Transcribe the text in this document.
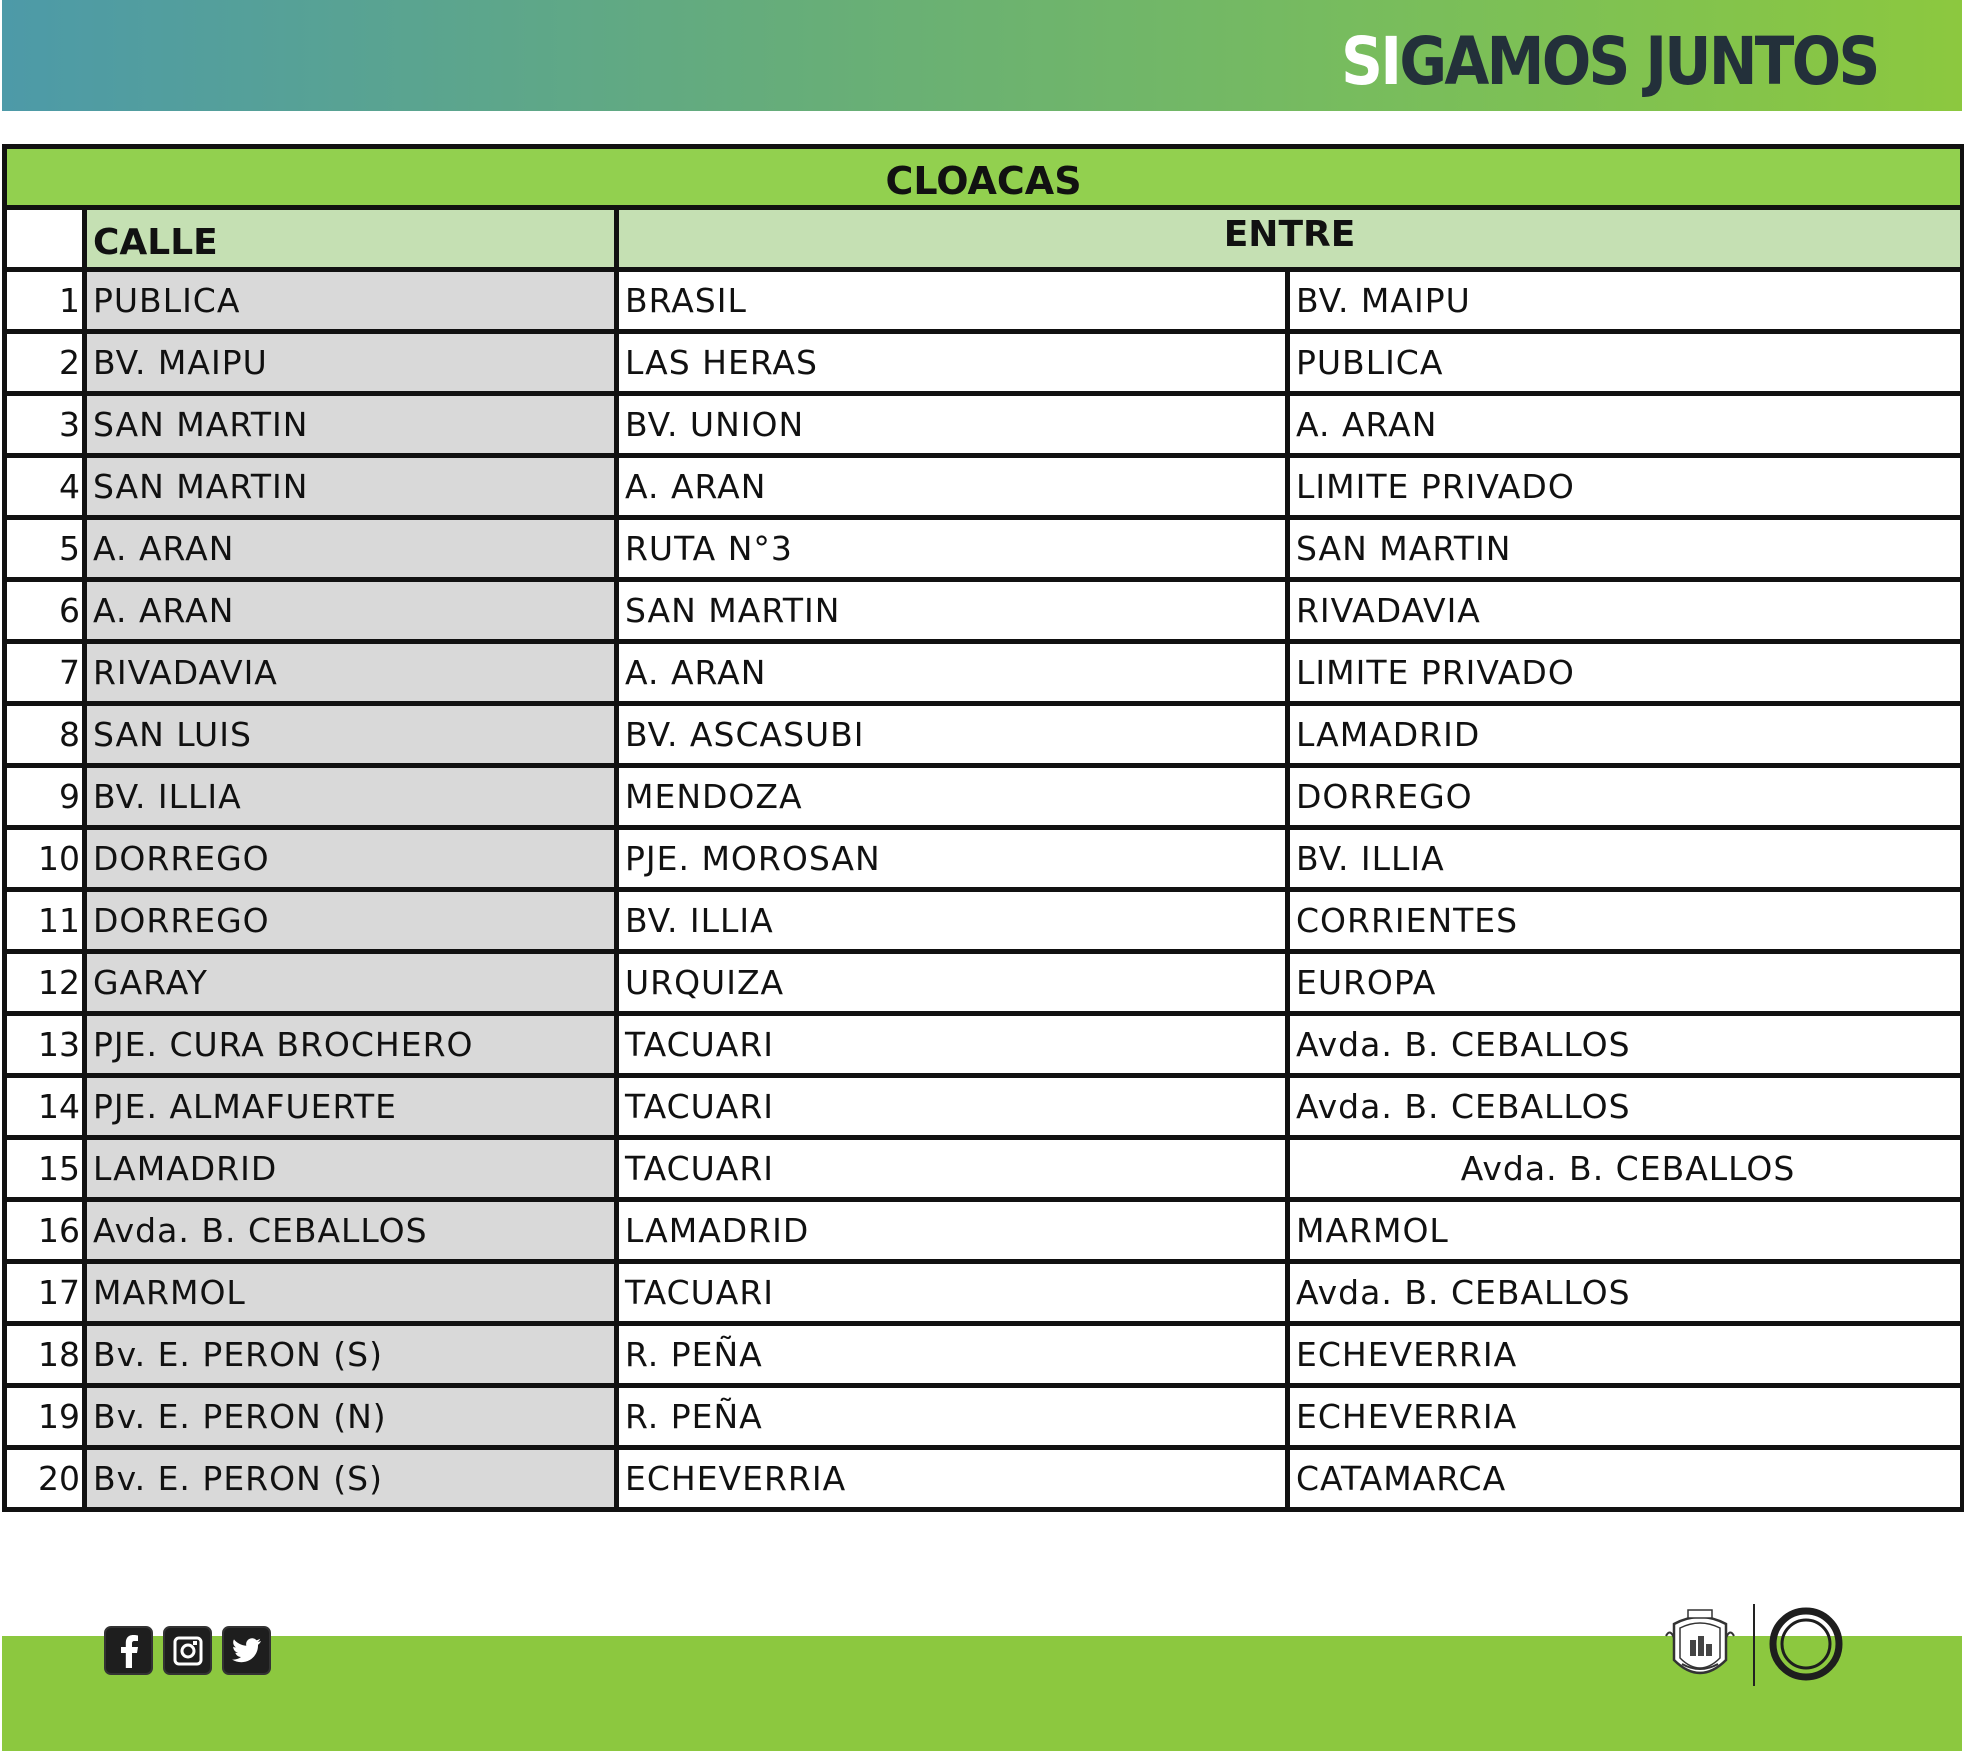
SIGAMOS JUNTOS
CLOACAS			
	CALLE	ENTRE	
1	PUBLICA	BRASIL	BV. MAIPU
2	BV. MAIPU	LAS HERAS	PUBLICA
3	SAN MARTIN	BV. UNION	A. ARAN
4	SAN MARTIN	A. ARAN	LIMITE PRIVADO
5	A. ARAN	RUTA N°3	SAN MARTIN
6	A. ARAN	SAN MARTIN	RIVADAVIA
7	RIVADAVIA	A. ARAN	LIMITE PRIVADO
8	SAN LUIS	BV. ASCASUBI	LAMADRID
9	BV. ILLIA	MENDOZA	DORREGO
10	DORREGO	PJE. MOROSAN	BV. ILLIA
11	DORREGO	BV. ILLIA	CORRIENTES
12	GARAY	URQUIZA	EUROPA
13	PJE. CURA BROCHERO	TACUARI	Avda. B. CEBALLOS
14	PJE. ALMAFUERTE	TACUARI	Avda. B. CEBALLOS
15	LAMADRID	TACUARI	Avda. B. CEBALLOS
16	Avda. B. CEBALLOS	LAMADRID	MARMOL
17	MARMOL	TACUARI	Avda. B. CEBALLOS
18	Bv. E. PERON (S)	R. PEÑA	ECHEVERRIA
19	Bv. E. PERON (N)	R. PEÑA	ECHEVERRIA
20	Bv. E. PERON (S)	ECHEVERRIA	CATAMARCA
